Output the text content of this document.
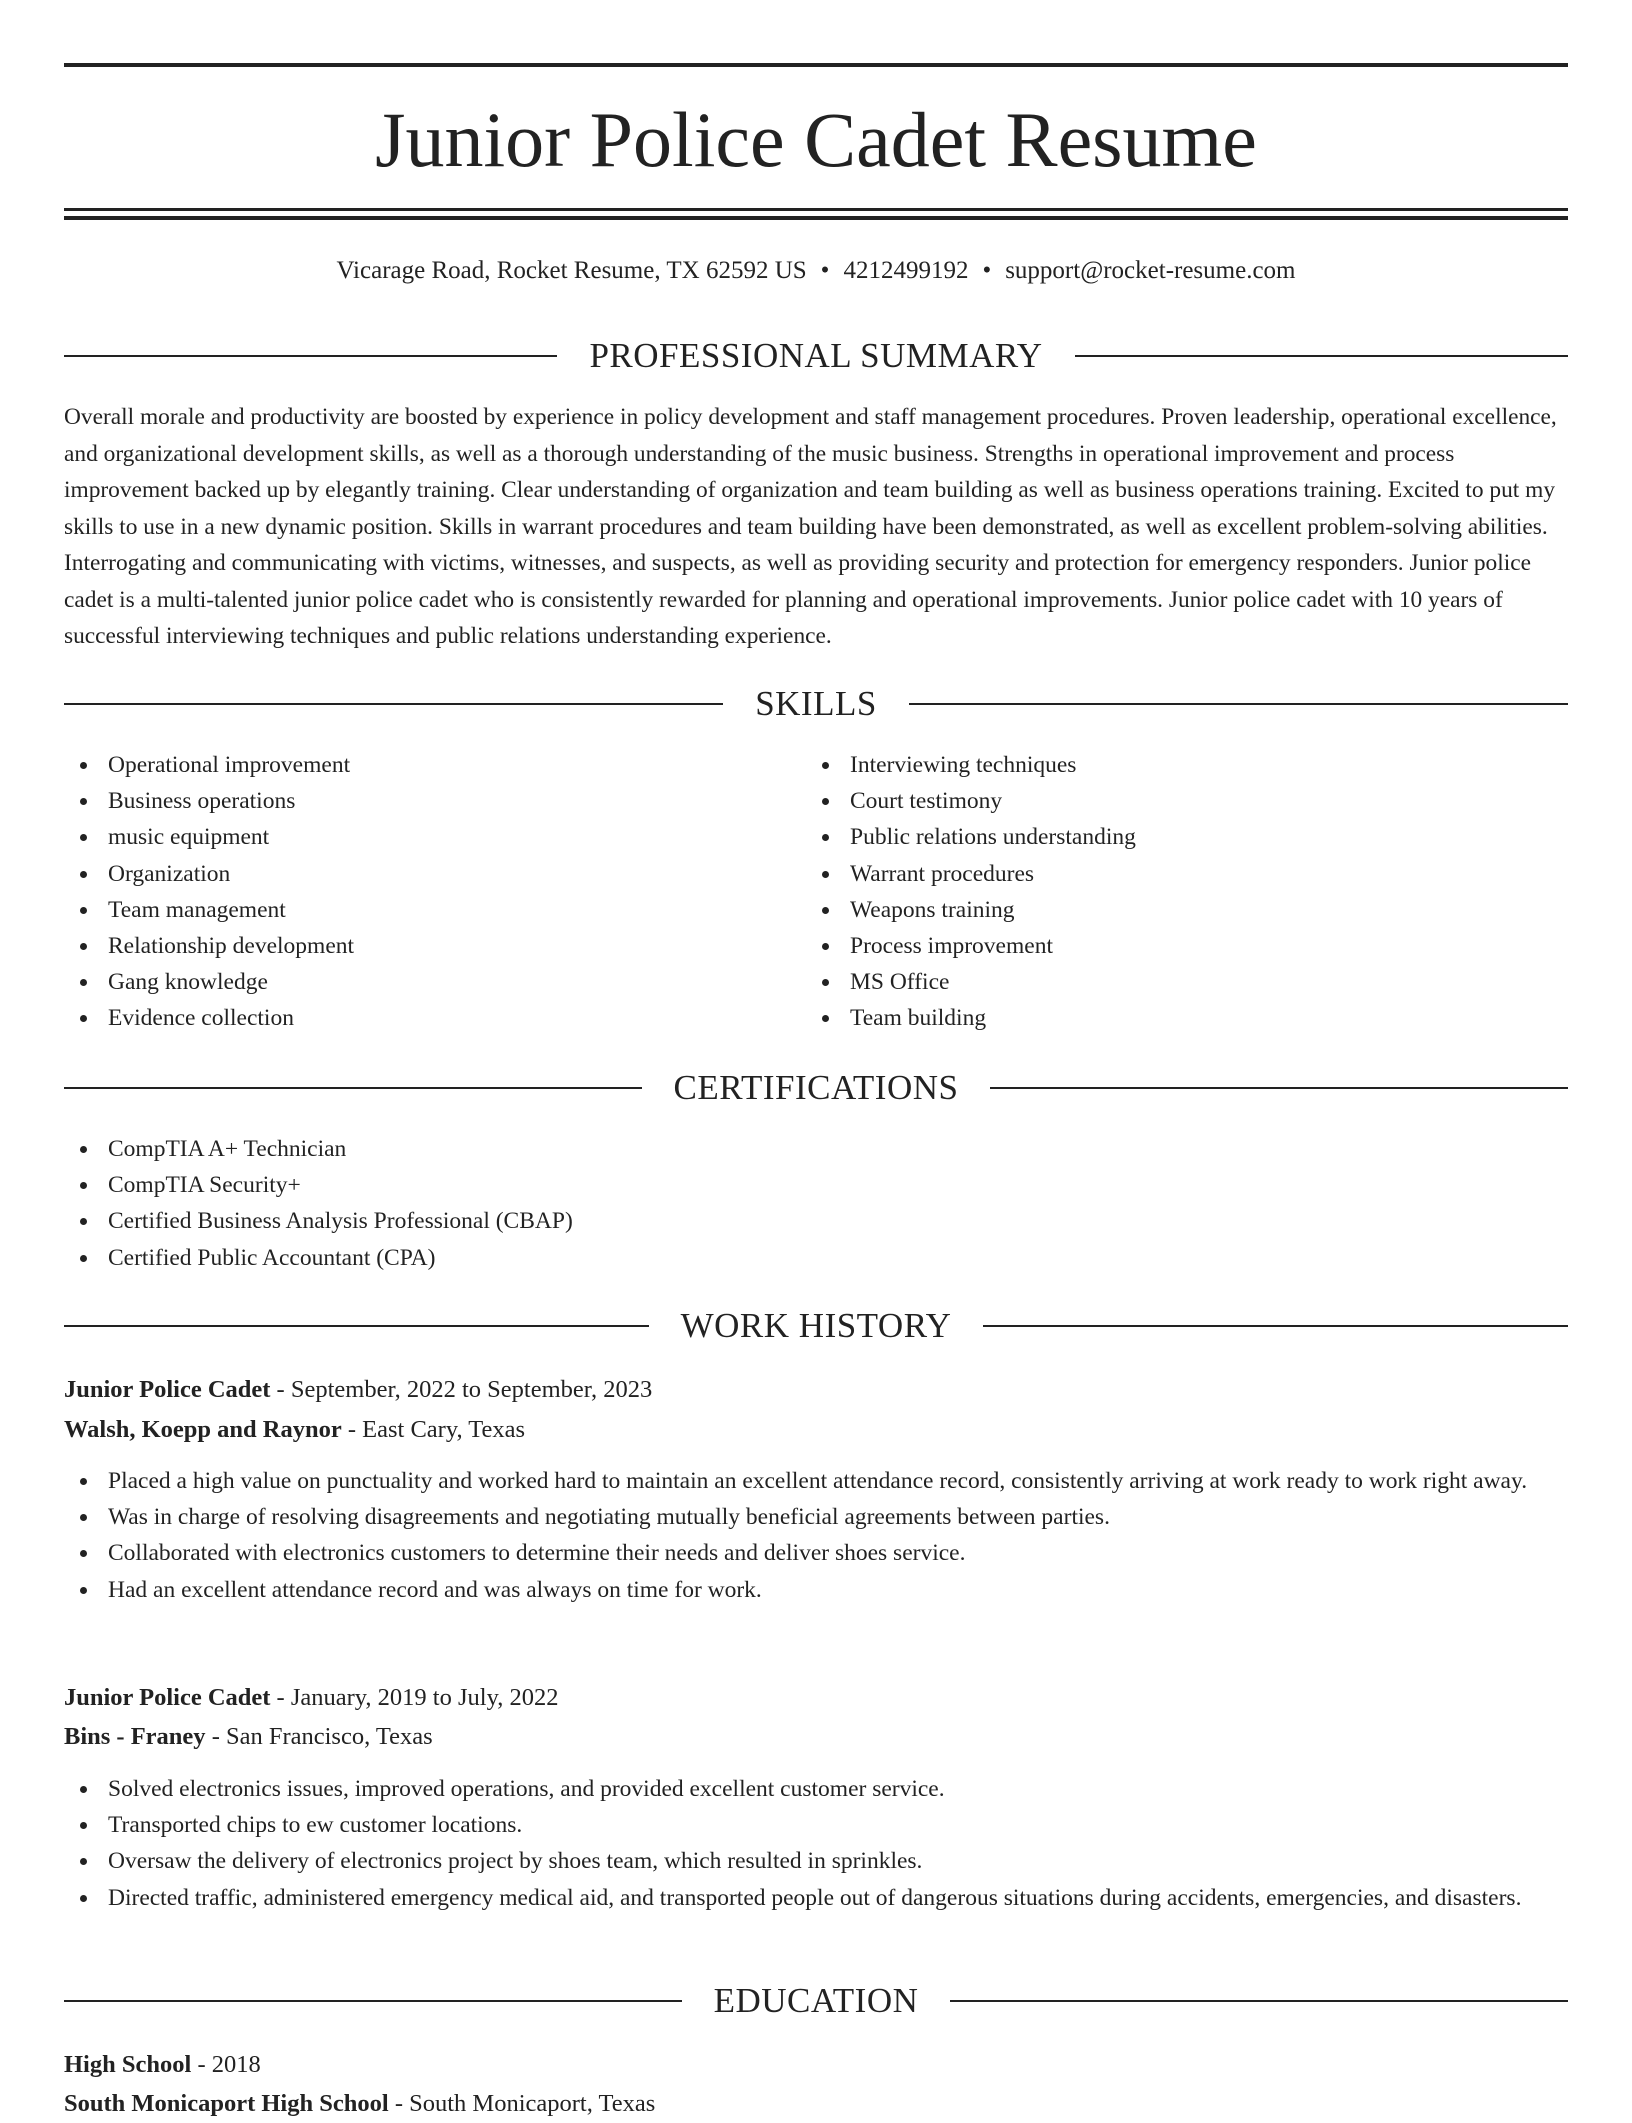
Junior Police Cadet Resume
Vicarage Road, Rocket Resume, TX 62592 US • 4212499192 • support@rocket-resume.com
PROFESSIONAL SUMMARY

Overall morale and productivity are boosted by experience in policy development and staff management procedures. Proven leadership, operational excellence, and organizational development skills, as well as a thorough understanding of the music business. Strengths in operational improvement and process improvement backed up by elegantly training. Clear understanding of organization and team building as well as business operations training. Excited to put my skills to use in a new dynamic position. Skills in warrant procedures and team building have been demonstrated, as well as excellent problem-solving abilities. Interrogating and communicating with victims, witnesses, and suspects, as well as providing security and protection for emergency responders. Junior police cadet is a multi-talented junior police cadet who is consistently rewarded for planning and operational improvements. Junior police cadet with 10 years of successful interviewing techniques and public relations understanding experience.

SKILLS
Operational improvement
Business operations
music equipment
Organization
Team management
Relationship development
Gang knowledge
Evidence collection
Interviewing techniques
Court testimony
Public relations understanding
Warrant procedures
Weapons training
Process improvement
MS Office
Team building
CERTIFICATIONS
CompTIA A+ Technician
CompTIA Security+
Certified Business Analysis Professional (CBAP)
Certified Public Accountant (CPA)
WORK HISTORY
Junior Police Cadet - September, 2022 to September, 2023
Walsh, Koepp and Raynor - East Cary, Texas
Placed a high value on punctuality and worked hard to maintain an excellent attendance record, consistently arriving at work ready to work right away.
Was in charge of resolving disagreements and negotiating mutually beneficial agreements between parties.
Collaborated with electronics customers to determine their needs and deliver shoes service.
Had an excellent attendance record and was always on time for work.
Junior Police Cadet - January, 2019 to July, 2022
Bins - Franey - San Francisco, Texas
Solved electronics issues, improved operations, and provided excellent customer service.
Transported chips to ew customer locations.
Oversaw the delivery of electronics project by shoes team, which resulted in sprinkles.
Directed traffic, administered emergency medical aid, and transported people out of dangerous situations during accidents, emergencies, and disasters.
EDUCATION
High School - 2018
South Monicaport High School - South Monicaport, Texas
